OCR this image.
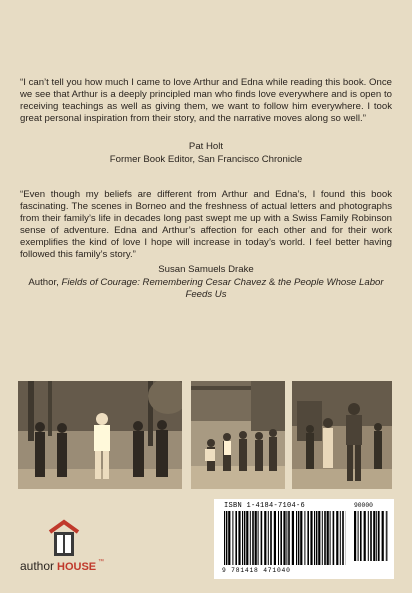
“I can’t tell you how much I came to love Arthur and Edna while reading this book. Once we see that Arthur is a deeply principled man who finds love everywhere and is open to receiving teachings as well as giving them, we want to follow him everywhere. I took great personal inspiration from their story, and the narrative moves along so well.”
Pat Holt
Former Book Editor, San Francisco Chronicle
“Even though my beliefs are different from Arthur and Edna’s, I found this book fascinating. The scenes in Borneo and the freshness of actual letters and photographs from their family’s life in decades long past swept me up with a Swiss Family Robinson sense of adventure. Edna and Arthur’s affection for each other and for their work exemplifies the kind of love I hope will increase in today’s world. I feel better having followed this family’s story.”
Susan Samuels Drake
Author, Fields of Courage: Remembering Cesar Chavez & the People Whose Labor Feeds Us
author HOUSE ™
ISBN 1-4184-7104-6	90000
9 781418 471040
